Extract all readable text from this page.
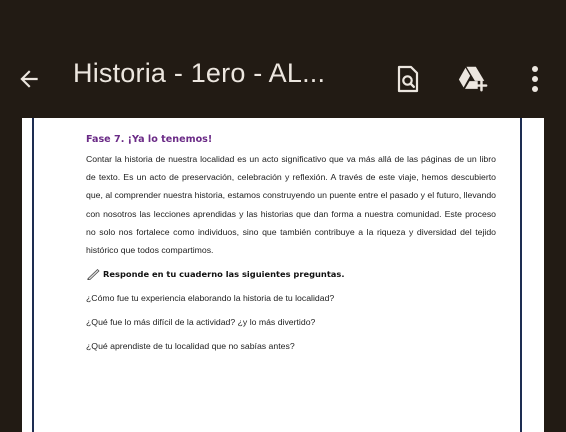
Historia - 1ero - AL...
Fase 7. ¡Ya lo tenemos!

Contar la historia de nuestra localidad es un acto significativo que va más allá de las páginas de un libro de texto. Es un acto de preservación, celebración y reflexión. A través de este viaje, hemos descubierto que, al comprender nuestra historia, estamos construyendo un puente entre el pasado y el futuro, llevando con nosotros las lecciones aprendidas y las historias que dan forma a nuestra comunidad. Este proceso no solo nos fortalece como individuos, sino que también contribuye a la riqueza y diversidad del tejido histórico que todos compartimos.

Responde en tu cuaderno las siguientes preguntas.

¿Cómo fue tu experiencia elaborando la historia de tu localidad?

¿Qué fue lo más difícil de la actividad? ¿y lo más divertido?

¿Qué aprendiste de tu localidad que no sabías antes?
